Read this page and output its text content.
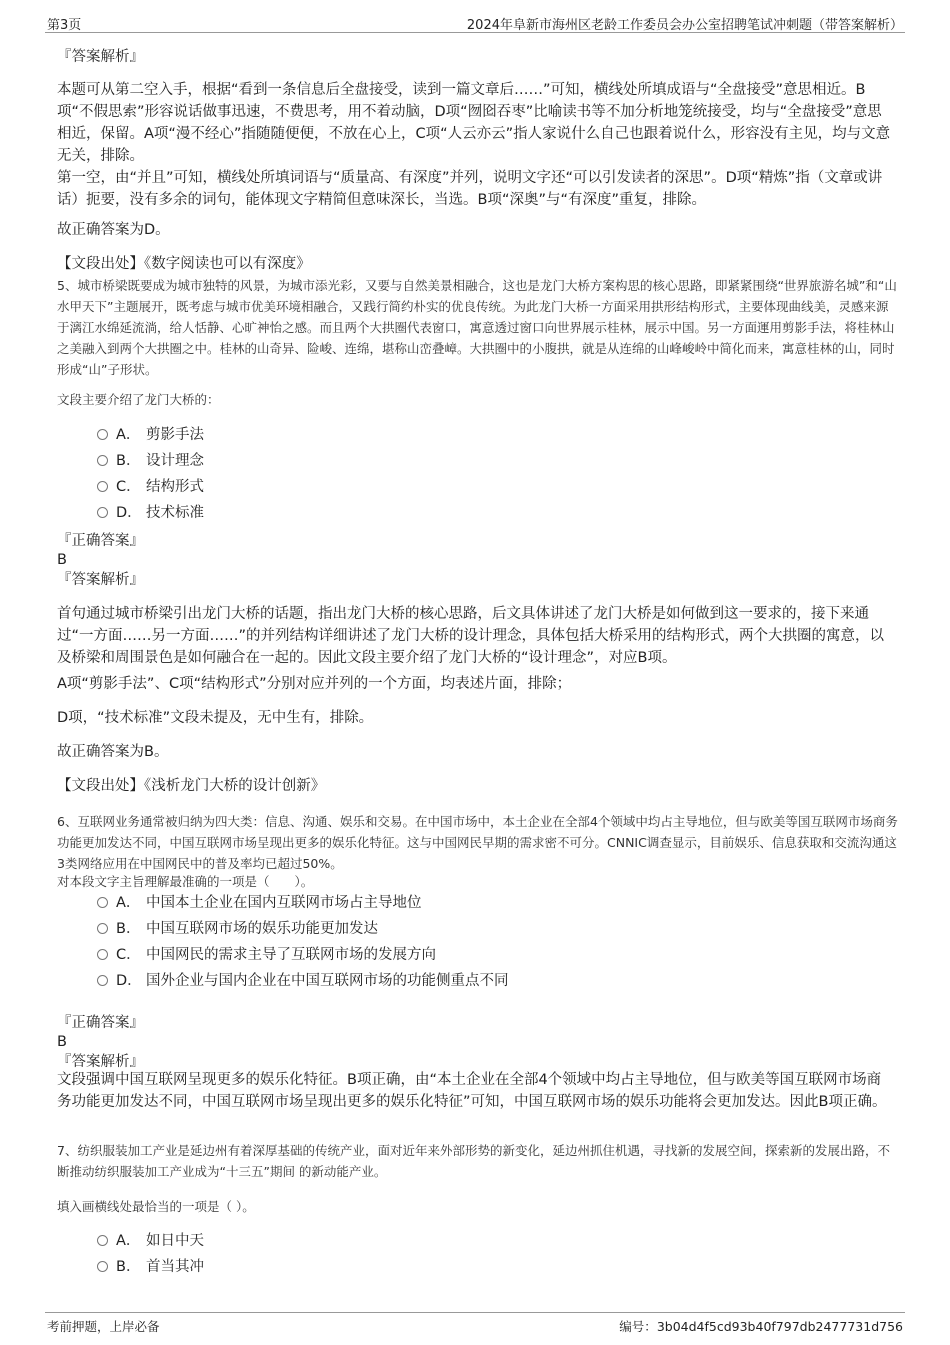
第3页	2024年阜新市海州区老龄工作委员会办公室招聘笔试冲刺题（带答案解析）
『答案解析』
本题可从第二空入手，根据“看到一条信息后全盘接受，读到一篇文章后……”可知，横线处所填成语与“全盘接受”意思相近。B项“不假思索”形容说话做事迅速，不费思考，用不着动脑，D项“囫囵吞枣”比喻读书等不加分析地笼统接受，均与“全盘接受”意思相近，保留。A项“漫不经心”指随随便便，不放在心上，C项“人云亦云”指人家说什么自己也跟着说什么，形容没有主见，均与文意无关，排除。
第一空，由“并且”可知，横线处所填词语与“质量高、有深度”并列，说明文字还“可以引发读者的深思”。D项“精炼”指（文章或讲话）扼要，没有多余的词句，能体现文字精简但意味深长，当选。B项“深奥”与“有深度”重复，排除。
故正确答案为D。
【文段出处】《数字阅读也可以有深度》
5、城市桥梁既要成为城市独特的风景，为城市添光彩，又要与自然美景相融合，这也是龙门大桥方案构思的核心思路，即紧紧围绕“世界旅游名城”和“山水甲天下”主题展开，既考虑与城市优美环境相融合，又践行简约朴实的优良传统。为此龙门大桥一方面采用拱形结构形式，主要体现曲线美，灵感来源于漓江水绵延流淌，给人恬静、心旷神怡之感。而且两个大拱圈代表窗口，寓意透过窗口向世界展示桂林，展示中国。另一方面運用剪影手法，将桂林山之美融入到两个大拱圈之中。桂林的山奇异、险峻、连绵，堪称山峦叠嶂。大拱圈中的小腹拱，就是从连绵的山峰峻岭中简化而来，寓意桂林的山，同时形成“山”子形状。
文段主要介绍了龙门大桥的：
A． 剪影手法
B． 设计理念
C． 结构形式
D． 技术标准
『正确答案』
B
『答案解析』
首句通过城市桥梁引出龙门大桥的话题，指出龙门大桥的核心思路，后文具体讲述了龙门大桥是如何做到这一要求的，接下来通过“一方面……另一方面……”的并列结构详细讲述了龙门大桥的设计理念，具体包括大桥采用的结构形式，两个大拱圈的寓意，以及桥梁和周围景色是如何融合在一起的。因此文段主要介绍了龙门大桥的“设计理念”，对应B项。
A项“剪影手法”、C项“结构形式”分别对应并列的一个方面，均表述片面，排除；
D项，“技术标准”文段未提及，无中生有，排除。
故正确答案为B。
【文段出处】《浅析龙门大桥的设计创新》
6、互联网业务通常被归纳为四大类：信息、沟通、娱乐和交易。在中国市场中，本土企业在全部4个领域中均占主导地位，但与欧美等国互联网市场商务功能更加发达不同，中国互联网市场呈现出更多的娱乐化特征。这与中国网民早期的需求密不可分。CNNIC调查显示，目前娱乐、信息获取和交流沟通这3类网络应用在中国网民中的普及率均已超过50%。
对本段文字主旨理解最准确的一项是（　　）。
A． 中国本土企业在国内互联网市场占主导地位
B． 中国互联网市场的娱乐功能更加发达
C． 中国网民的需求主导了互联网市场的发展方向
D． 国外企业与国内企业在中国互联网市场的功能侧重点不同
『正确答案』
B
『答案解析』
文段强调中国互联网呈现更多的娱乐化特征。B项正确，由“本土企业在全部4个领域中均占主导地位，但与欧美等国互联网市场商务功能更加发达不同，中国互联网市场呈现出更多的娱乐化特征”可知，中国互联网市场的娱乐功能将会更加发达。因此B项正确。
7、纺织服装加工产业是延边州有着深厚基础的传统产业，面对近年来外部形势的新变化，延边州抓住机遇，寻找新的发展空间，探索新的发展出路，不断推动纺织服装加工产业成为“十三五”期间 的新动能产业。
填入画横线处最恰当的一项是（ ）。
A． 如日中天
B． 首当其冲
考前押题，上岸必备	编号：3b04d4f5cd93b40f797db2477731d756
